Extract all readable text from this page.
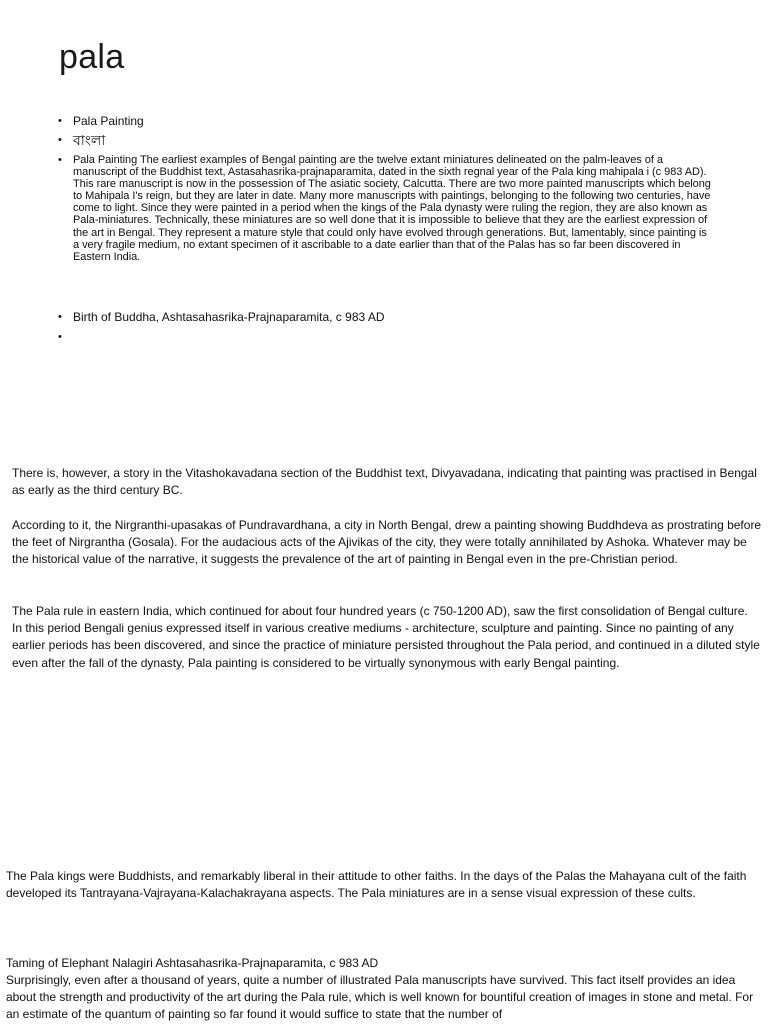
pala
• Pala Painting
• বাংলা
• Pala Painting The earliest examples of Bengal painting are the twelve extant miniatures delineated on the palm-leaves of a manuscript of the Buddhist text, Astasahasrika-prajnaparamita, dated in the sixth regnal year of the Pala king mahipala i (c 983 AD). This rare manuscript is now in the possession of The asiatic society, Calcutta. There are two more painted manuscripts which belong to Mahipala I's reign, but they are later in date. Many more manuscripts with paintings, belonging to the following two centuries, have come to light. Since they were painted in a period when the kings of the Pala dynasty were ruling the region, they are also known as Pala-miniatures. Technically, these miniatures are so well done that it is impossible to believe that they are the earliest expression of the art in Bengal. They represent a mature style that could only have evolved through generations. But, lamentably, since painting is a very fragile medium, no extant specimen of it ascribable to a date earlier than that of the Palas has so far been discovered in Eastern India.
• Birth of Buddha, Ashtasahasrika-Prajnaparamita, c 983 AD
•

There is, however, a story in the Vitashokavadana section of the Buddhist text, Divyavadana, indicating that painting was practised in Bengal as early as the third century BC.

According to it, the Nirgranthi-upasakas of Pundravardhana, a city in North Bengal, drew a painting showing Buddhdeva as prostrating before the feet of Nirgrantha (Gosala). For the audacious acts of the Ajivikas of the city, they were totally annihilated by Ashoka. Whatever may be the historical value of the narrative, it suggests the prevalence of the art of painting in Bengal even in the pre-Christian period.

The Pala rule in eastern India, which continued for about four hundred years (c 750-1200 AD), saw the first consolidation of Bengal culture. In this period Bengali genius expressed itself in various creative mediums - architecture, sculpture and painting. Since no painting of any earlier periods has been discovered, and since the practice of miniature persisted throughout the Pala period, and continued in a diluted style even after the fall of the dynasty, Pala painting is considered to be virtually synonymous with early Bengal painting.

The Pala kings were Buddhists, and remarkably liberal in their attitude to other faiths. In the days of the Palas the Mahayana cult of the faith developed its Tantrayana-Vajrayana-Kalachakrayana aspects. The Pala miniatures are in a sense visual expression of these cults.

Taming of Elephant Nalagiri Ashtasahasrika-Prajnaparamita, c 983 AD

Surprisingly, even after a thousand of years, quite a number of illustrated Pala manuscripts have survived. This fact itself provides an idea about the strength and productivity of the art during the Pala rule, which is well known for bountiful creation of images in stone and metal. For an estimate of the quantum of painting so far found it would suffice to state that the number of
